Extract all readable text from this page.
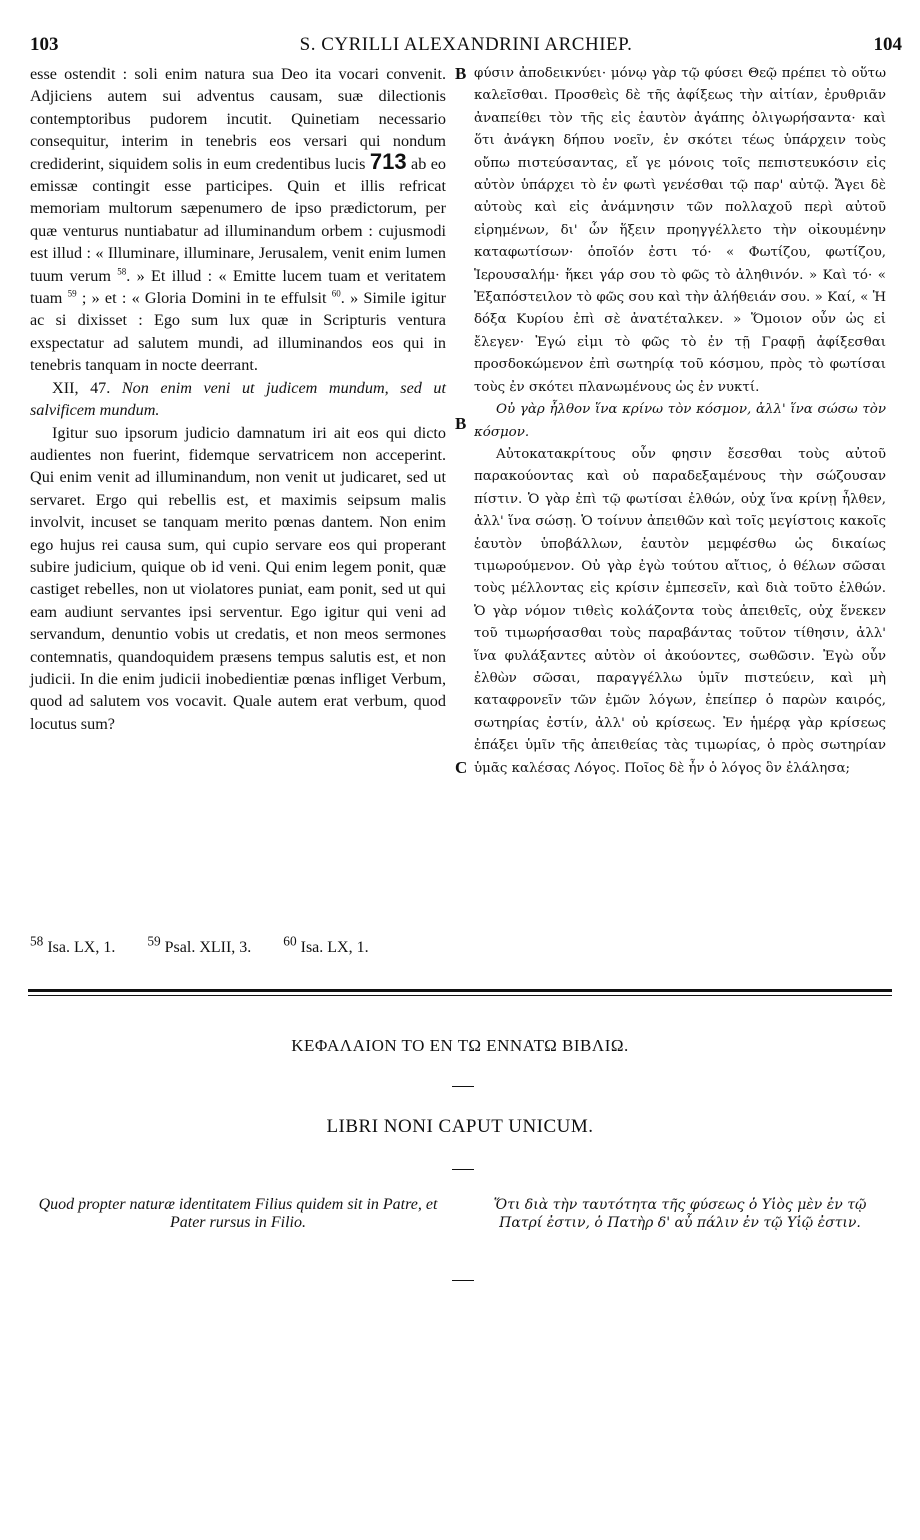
103	S. CYRILLI ALEXANDRINI ARCHIEP.	104

esse ostendit : soli enim natura sua Deo ita vocari convenit. Adjiciens autem sui adventus causam, suæ dilectionis contemptoribus pudorem incutit. Quinetiam necessario consequitur, interim in tenebris eos versari qui nondum crediderint, siquidem solis in eum credentibus lucis 713 ab eo emissæ contingit esse participes. Quin et illis refricat memoriam multorum sæpenumero de ipso prædictorum, per quæ venturus nuntiabatur ad illuminandum orbem : cujusmodi est illud : « Illuminare, illuminare, Jerusalem, venit enim lumen tuum verum $^{58}$. » Et illud : « Emitte lucem tuam et veritatem tuam $^{59}$ ; » et : « Gloria Domini in te effulsit $^{60}$. » Simile igitur ac si dixisset : Ego sum lux quæ in Scripturis ventura exspectatur ad salutem mundi, ad illuminandos eos qui in tenebris tanquam in nocte deerrant.

XII, 47. Non enim veni ut judicem mundum, sed ut salvificem mundum.

Igitur suo ipsorum judicio damnatum iri ait eos qui dicto audientes non fuerint, fidemque servatricem non acceperint. Qui enim venit ad illuminandum, non venit ut judicaret, sed ut servaret. Ergo qui rebellis est, et maximis seipsum malis involvit, incuset se tanquam merito pœnas dantem. Non enim ego hujus rei causa sum, qui cupio servare eos qui properant subire judicium, quique ob id veni. Qui enim legem ponit, quæ castiget rebelles, non ut violatores puniat, eam ponit, sed ut qui eam audiunt servantes ipsi serventur. Ego igitur qui veni ad servandum, denuntio vobis ut credatis, et non meos sermones contemnatis, quandoquidem præsens tempus salutis est, et non judicii. In die enim judicii inobedientiæ pœnas infliget Verbum, quod ad salutem vos vocavit. Quale autem erat verbum, quod locutus sum?

φύσιν ἀποδεικνύει· μόνῳ γὰρ τῷ φύσει Θεῷ πρέπει τὸ οὕτω καλεῖσθαι. Προσθεὶς δὲ τῆς ἀφίξεως τὴν αἰτίαν, ἐρυθριᾶν ἀναπείθει τὸν τῆς εἰς ἑαυτὸν ἀγάπης ὀλιγωρήσαντα· καὶ ὅτι ἀνάγκη δήπου νοεῖν, ἐν σκότει τέως ὑπάρχειν τοὺς οὔπω πιστεύσαντας, εἴ γε μόνοις τοῖς πεπιστευκόσιν εἰς αὐτὸν ὑπάρχει τὸ ἐν φωτὶ γενέσθαι τῷ παρ' αὐτῷ. Ἄγει δὲ αὐτοὺς καὶ εἰς ἀνάμνησιν τῶν πολλαχοῦ περὶ αὐτοῦ εἰρημένων, δι' ὧν ἥξειν προηγγέλλετο τὴν οἰκουμένην καταφωτίσων· ὁποῖόν ἐστι τό· « Φωτίζου, φωτίζου, Ἱερουσαλήμ· ἥκει γάρ σου τὸ φῶς τὸ ἀληθινόν. » Καὶ τό· « Ἐξαπόστειλον τὸ φῶς σου καὶ τὴν ἀλήθειάν σου. » Καί, « Ἡ δόξα Κυρίου ἐπὶ σὲ ἀνατέταλκεν. » Ὅμοιον οὖν ὡς εἰ ἔλεγεν· Ἐγώ εἰμι τὸ φῶς τὸ ἐν τῇ Γραφῇ ἀφίξεσθαι προσδοκώμενον ἐπὶ σωτηρίᾳ τοῦ κόσμου, πρὸς τὸ φωτίσαι τοὺς ἐν σκότει πλανωμένους ὡς ἐν νυκτί.

Οὐ γὰρ ἦλθον ἵνα κρίνω τὸν κόσμον, ἀλλ' ἵνα σώσω τὸν κόσμον.

Αὐτοκατακρίτους οὖν φησιν ἔσεσθαι τοὺς αὐτοῦ παρακούοντας καὶ οὐ παραδεξαμένους τὴν σώζουσαν πίστιν. Ὁ γὰρ ἐπὶ τῷ φωτίσαι ἐλθών, οὐχ ἵνα κρίνῃ ἦλθεν, ἀλλ' ἵνα σώσῃ. Ὁ τοίνυν ἀπειθῶν καὶ τοῖς μεγίστοις κακοῖς ἑαυτὸν ὑποβάλλων, ἑαυτὸν μεμφέσθω ὡς δικαίως τιμωρούμενον. Οὐ γὰρ ἐγὼ τούτου αἴτιος, ὁ θέλων σῶσαι τοὺς μέλλοντας εἰς κρίσιν ἐμπεσεῖν, καὶ διὰ τοῦτο ἐλθών. Ὁ γὰρ νόμον τιθεὶς κολάζοντα τοὺς ἀπειθεῖς, οὐχ ἕνεκεν τοῦ τιμωρήσασθαι τοὺς παραβάντας τοῦτον τίθησιν, ἀλλ' ἵνα φυλάξαντες αὐτὸν οἱ ἀκούοντες, σωθῶσιν. Ἐγὼ οὖν ἐλθὼν σῶσαι, παραγγέλλω ὑμῖν πιστεύειν, καὶ μὴ καταφρονεῖν τῶν ἐμῶν λόγων, ἐπείπερ ὁ παρὼν καιρός, σωτηρίας ἐστίν, ἀλλ' οὐ κρίσεως. Ἐν ἡμέρᾳ γὰρ κρίσεως ἐπάξει ὑμῖν τῆς ἀπειθείας τὰς τιμωρίας, ὁ πρὸς σωτηρίαν ὑμᾶς καλέσας Λόγος. Ποῖος δὲ ἦν ὁ λόγος ὃν ἐλάλησα;

B
B
C
$^{58}$ Isa. LX, 1. $^{59}$ Psal. XLII, 3. $^{60}$ Isa. LX, 1.
ΚΕΦΑΛΑΙΟΝ ΤΟ ΕΝ ΤΩ ΕΝΝΑΤΩ ΒΙΒΛΙΩ.
LIBRI NONI CAPUT UNICUM.
Quod propter naturæ identitatem Filius quidem sit in Patre, et Pater rursus in Filio.
Ὅτι διὰ τὴν ταυτότητα τῆς φύσεως ὁ Υἱὸς μὲν ἐν τῷ Πατρί ἐστιν, ὁ Πατὴρ δ' αὖ πάλιν ἐν τῷ Υἱῷ ἐστιν.
